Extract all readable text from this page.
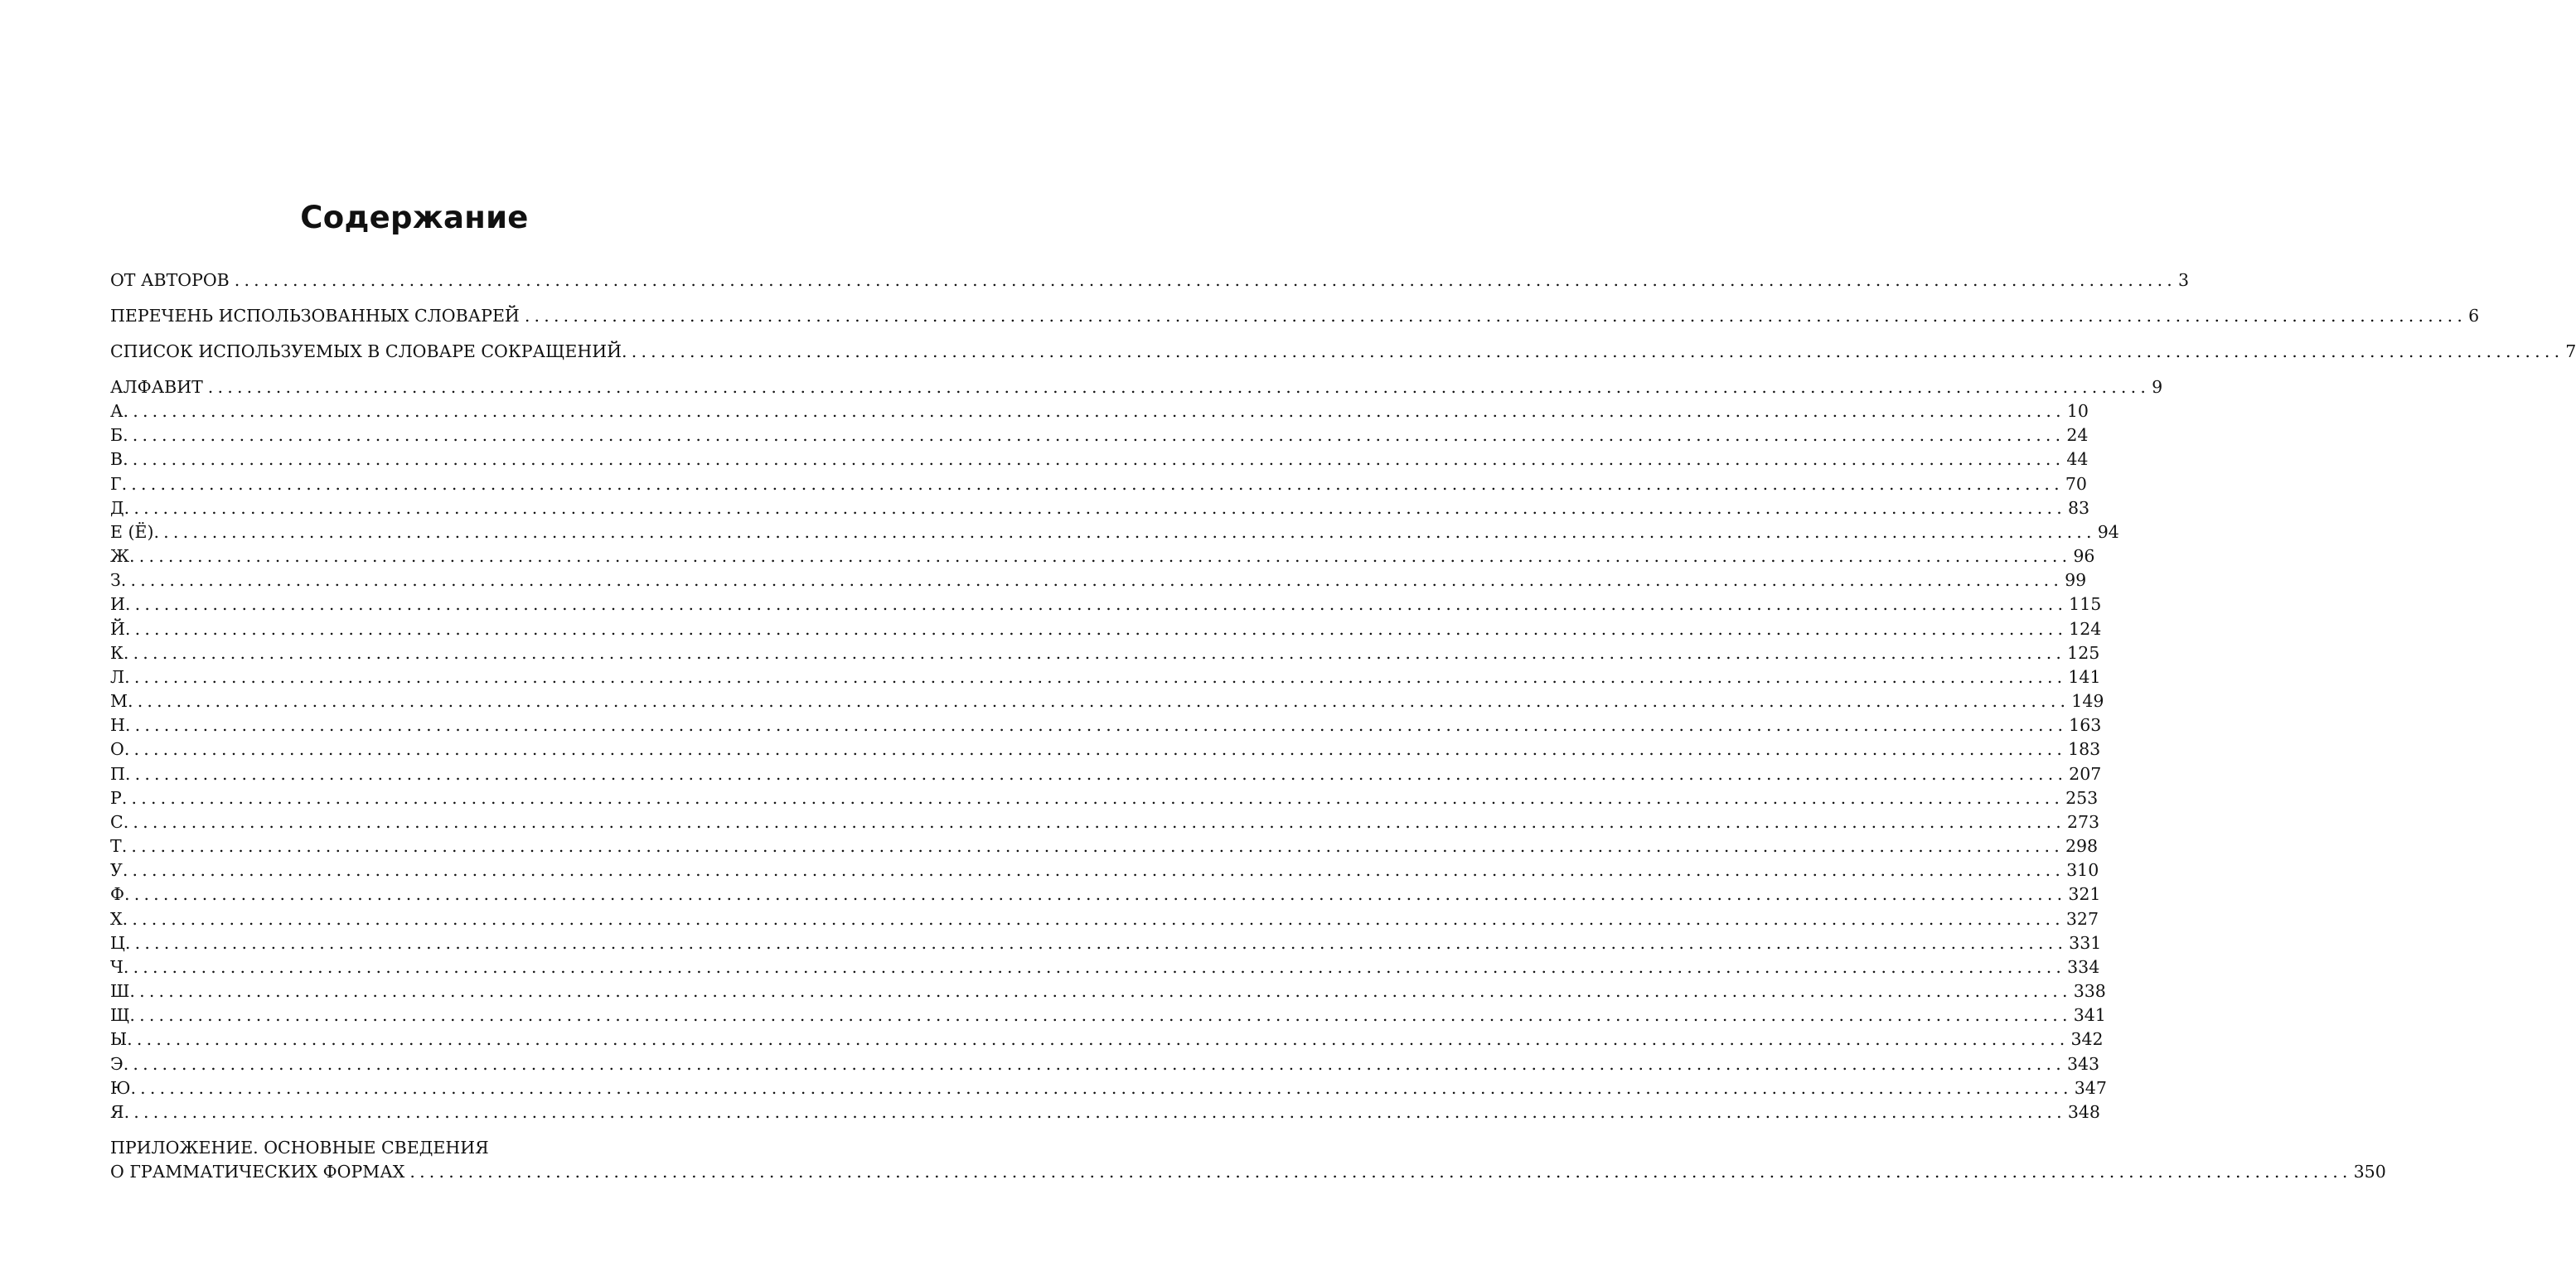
Содержание
ОТ АВТОРОВ ........................................................................................................................................................................................................ 3
ПЕРЕЧЕНЬ ИСПОЛЬЗОВАННЫХ СЛОВАРЕЙ ........................................................................................................................................................................................................ 6
СПИСОК ИСПОЛЬЗУЕМЫХ В СЛОВАРЕ СОКРАЩЕНИЙ ........................................................................................................................................................................................................ 7
АЛФАВИТ ........................................................................................................................................................................................................ 9
А ........................................................................................................................................................................................................ 10
Б ........................................................................................................................................................................................................ 24
В ........................................................................................................................................................................................................ 44
Г ........................................................................................................................................................................................................ 70
Д ........................................................................................................................................................................................................ 83
Е (Ё) ........................................................................................................................................................................................................ 94
Ж ........................................................................................................................................................................................................ 96
З ........................................................................................................................................................................................................ 99
И ........................................................................................................................................................................................................ 115
Й ........................................................................................................................................................................................................ 124
К ........................................................................................................................................................................................................ 125
Л ........................................................................................................................................................................................................ 141
М ........................................................................................................................................................................................................ 149
Н ........................................................................................................................................................................................................ 163
О ........................................................................................................................................................................................................ 183
П ........................................................................................................................................................................................................ 207
Р ........................................................................................................................................................................................................ 253
С ........................................................................................................................................................................................................ 273
Т ........................................................................................................................................................................................................ 298
У ........................................................................................................................................................................................................ 310
Ф ........................................................................................................................................................................................................ 321
Х ........................................................................................................................................................................................................ 327
Ц ........................................................................................................................................................................................................ 331
Ч ........................................................................................................................................................................................................ 334
Ш ........................................................................................................................................................................................................ 338
Щ ........................................................................................................................................................................................................ 341
Ы ........................................................................................................................................................................................................ 342
Э ........................................................................................................................................................................................................ 343
Ю ........................................................................................................................................................................................................ 347
Я ........................................................................................................................................................................................................ 348
ПРИЛОЖЕНИЕ. ОСНОВНЫЕ СВЕДЕНИЯ
О ГРАММАТИЧЕСКИХ ФОРМАХ ........................................................................................................................................................................................................ 350
